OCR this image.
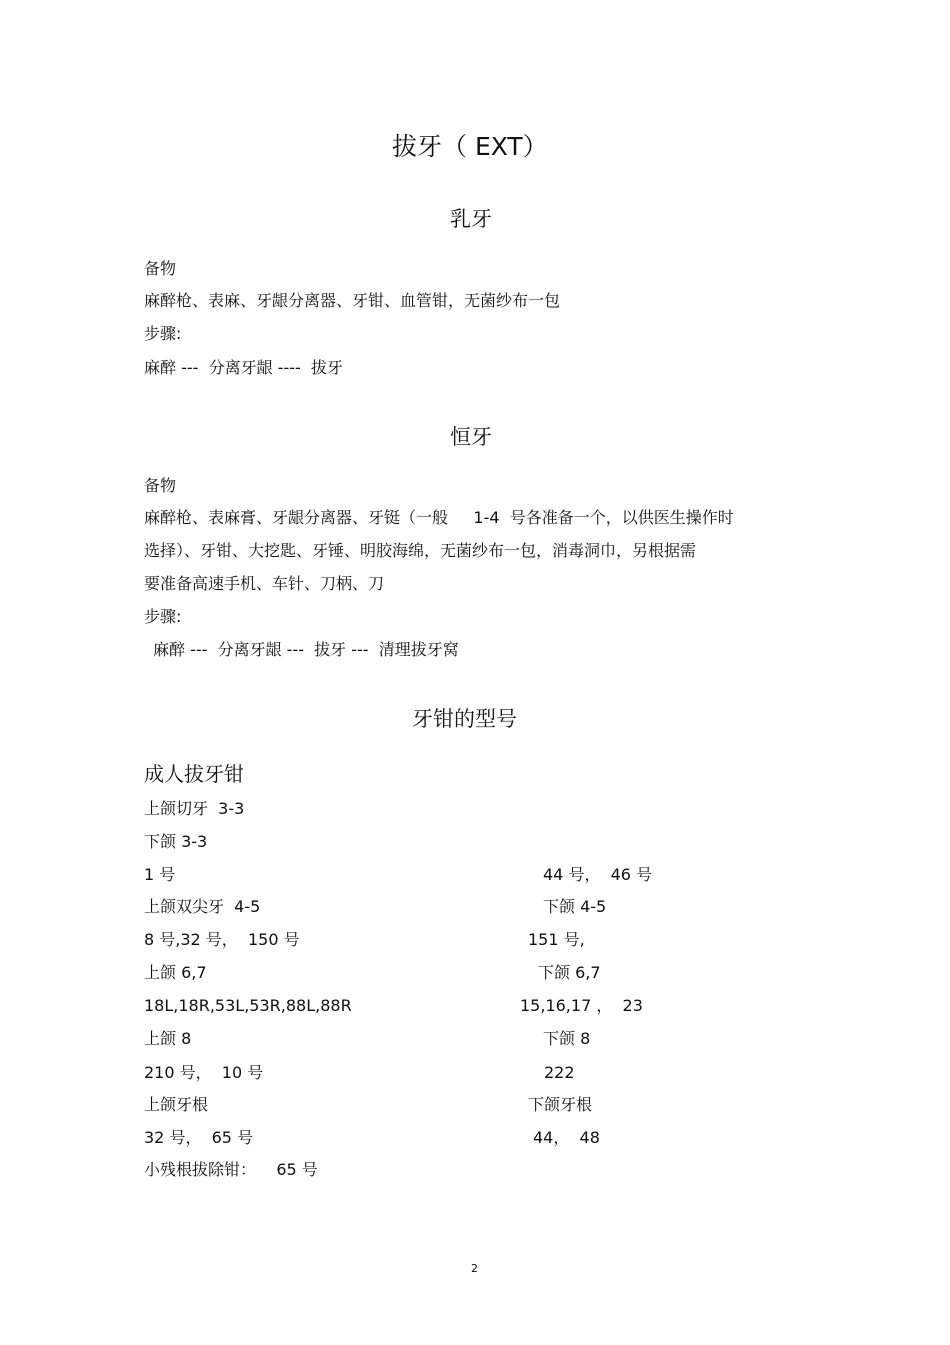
拔牙（ EXT）
乳牙
备物
麻醉枪、表麻、牙龈分离器、牙钳、血管钳，无菌纱布一包
步骤:
麻醉 ---  分离牙龈 ----  拔牙
恒牙
备物
麻醉枪、表麻膏、牙龈分离器、牙铤（一般     1-4  号各准备一个，以供医生操作时
选择）、牙钳、大挖匙、牙锤、明胶海绵，无菌纱布一包，消毒洞巾，另根据需
要准备高速手机、车针、刀柄、刀
步骤:
麻醉 ---  分离牙龈 ---  拔牙 ---  清理拔牙窝
牙钳的型号
成人拔牙钳
上颌切牙  3-3
下颌 3-3
1 号	44 号，  46 号
上颌双尖牙  4-5	下颌 4-5
8 号,32 号，  150 号	151 号,
上颌 6,7	下颌 6,7
18L,18R,53L,53R,88L,88R	15,16,17 ，  23
上颌 8	下颌 8
210 号，  10 号	222
上颌牙根	下颌牙根
32 号，  65 号	44，  48
小残根拔除钳：    65 号
2
